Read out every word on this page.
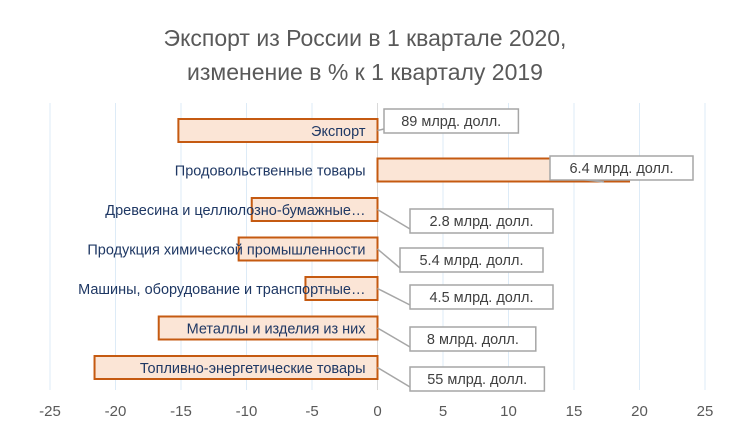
89 млрд. долл.
6.4 млрд. долл.
2.8 млрд. долл.
5.4 млрд. долл.
4.5 млрд. долл.
8 млрд. долл.
55 млрд. долл.
Экспорт
Продовольственные товары
Древесина и целлюлозно-бумажные…
Продукция химической промышленности
Машины, оборудование и транспортные…
Металлы и изделия из них
Топливно-энергетические товары
-25	-20	-15	-10	-5	0	5	10	15	20	25
Экспорт из России в 1 квартале 2020,
изменение в % к 1 кварталу 2019
